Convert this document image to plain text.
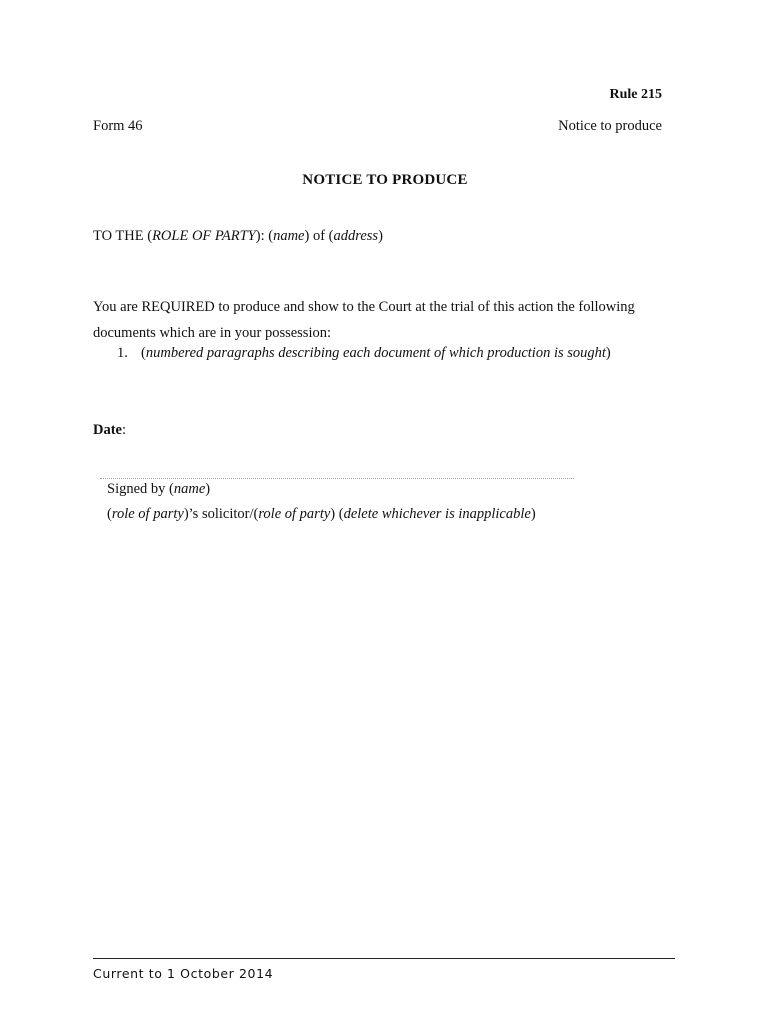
Rule 215
Form 46	Notice to produce
NOTICE TO PRODUCE
TO THE (ROLE OF PARTY): (name) of (address)
You are REQUIRED to produce and show to the Court at the trial of this action the following documents which are in your possession:
1. (numbered paragraphs describing each document of which production is sought)
Date:
Signed by (name)
(role of party)’s solicitor/(role of party) (delete whichever is inapplicable)
Current to 1 October 2014
